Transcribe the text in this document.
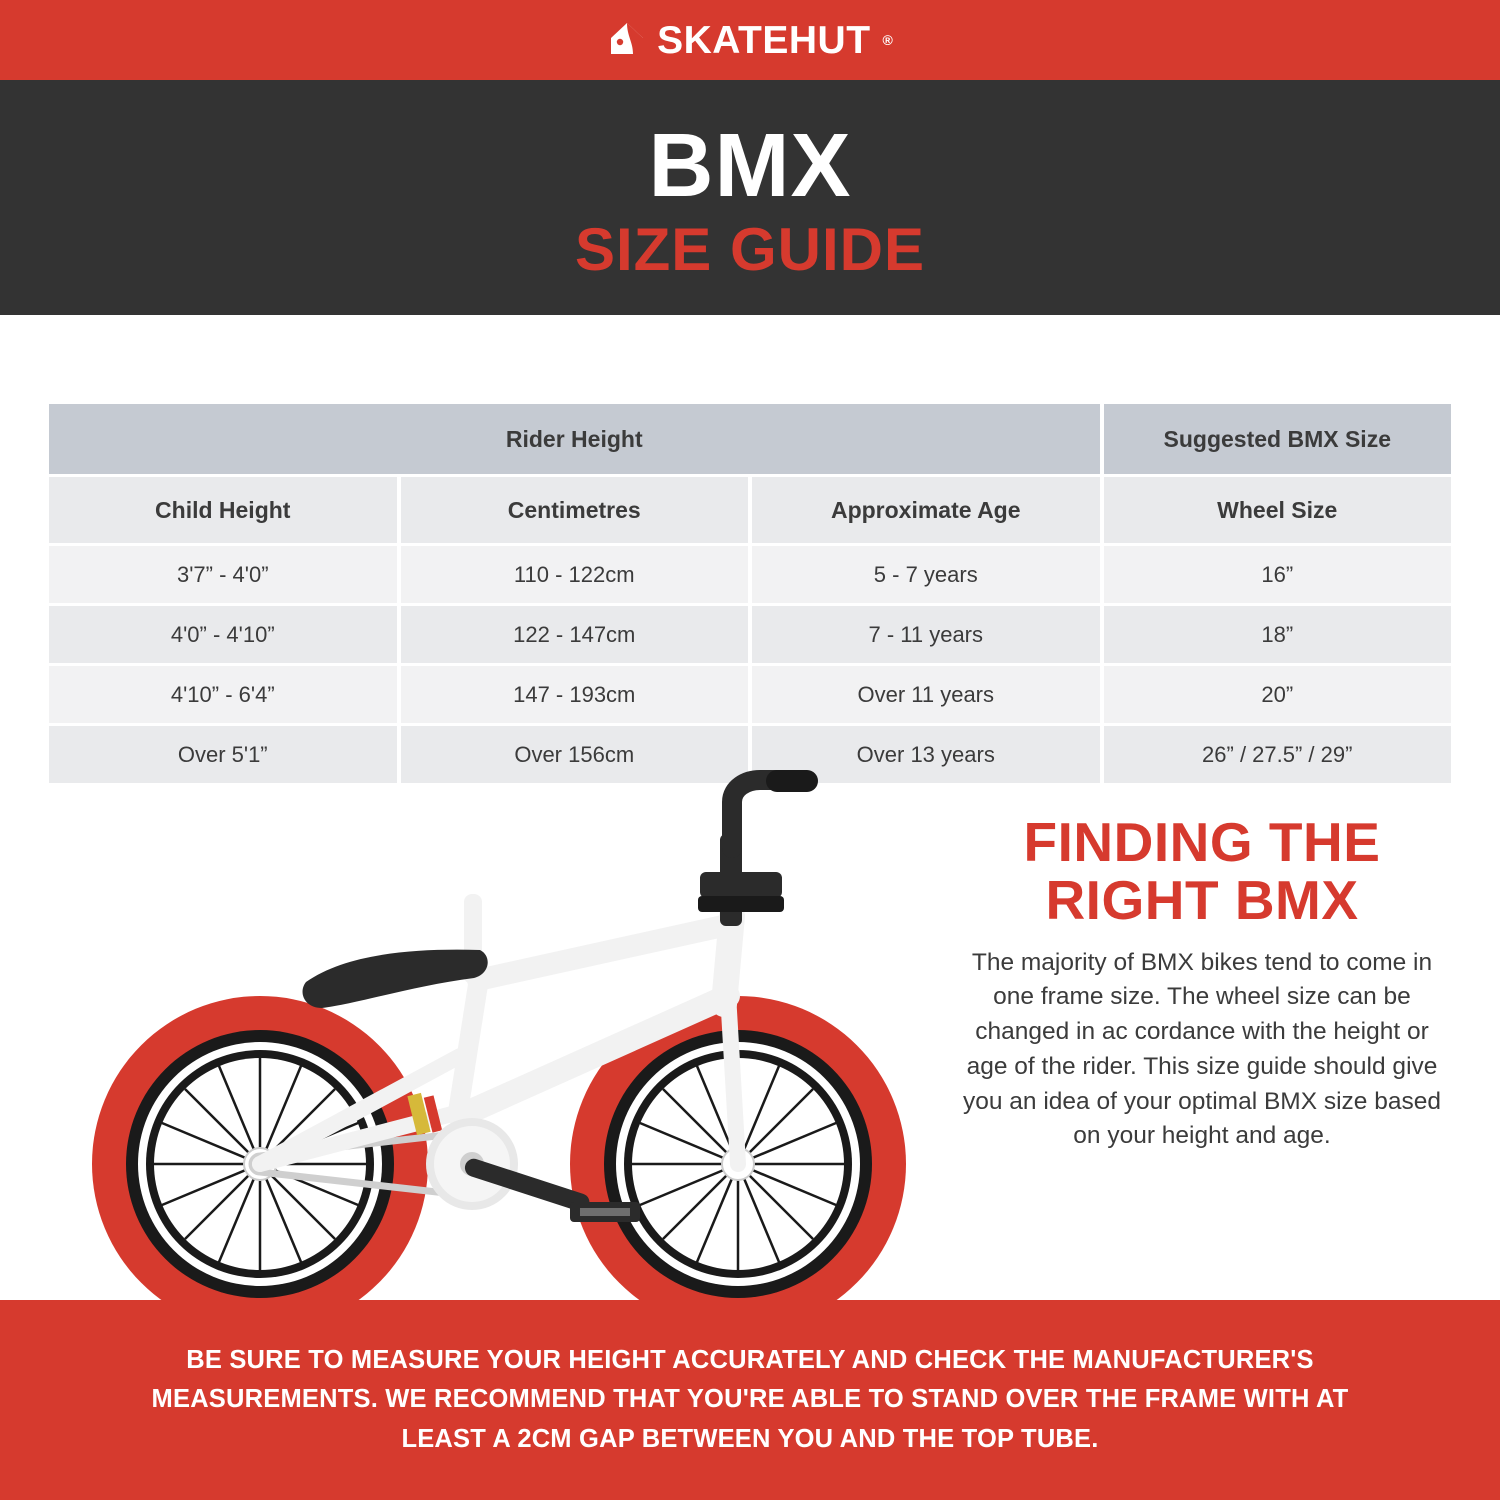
SKATEHUT ®
BMX
SIZE GUIDE
Rider Height			Suggested BMX Size
Child Height	Centimetres	Approximate Age	Wheel Size
3'7” - 4'0”	110 - 122cm	5 - 7 years	16”
4'0” - 4'10”	122 - 147cm	7 - 11 years	18”
4'10” - 6'4”	147 - 193cm	Over 11 years	20”
Over 5'1”	Over 156cm	Over 13 years	26” / 27.5” / 29”
FINDING THE
RIGHT BMX
The majority of BMX bikes tend to come in one frame size. The wheel size can be changed in ac cordance with the height or age of the rider. This size guide should give you an idea of your optimal BMX size based on your height and age.
BE SURE TO MEASURE YOUR HEIGHT ACCURATELY AND CHECK THE MANUFACTURER'S MEASUREMENTS. WE RECOMMEND THAT YOU'RE ABLE TO STAND OVER THE FRAME WITH AT LEAST A 2CM GAP BETWEEN YOU AND THE TOP TUBE.
